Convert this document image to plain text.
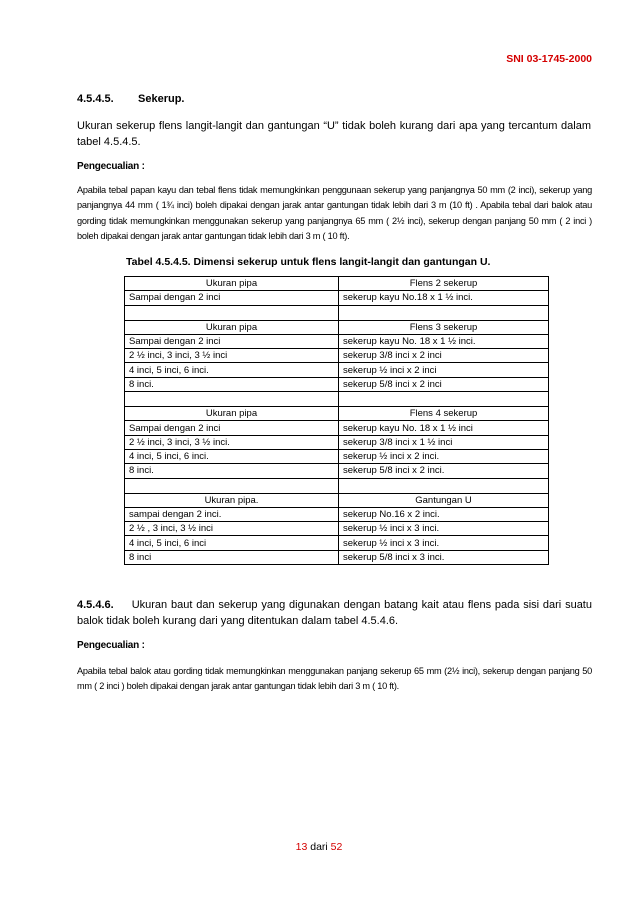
SNI 03-1745-2000
4.5.4.5. Sekerup.
Ukuran sekerup flens langit-langit dan gantungan “U” tidak boleh kurang dari apa yang tercantum dalam tabel 4.5.4.5.
Pengecualian :
Apabila tebal papan kayu dan tebal flens tidak memungkinkan penggunaan sekerup yang panjangnya 50 mm (2 inci), sekerup yang panjangnya 44 mm ( 1¾ inci) boleh dipakai dengan jarak antar gantungan tidak lebih dari 3 m (10 ft) . Apabila tebal dari balok atau gording tidak memungkinkan menggunakan sekerup yang panjangnya 65 mm ( 2½ inci), sekerup dengan panjang 50 mm ( 2 inci ) boleh dipakai dengan jarak antar gantungan tidak lebih dari 3 m ( 10 ft).
Tabel 4.5.4.5. Dimensi sekerup untuk flens langit-langit dan gantungan U.
Ukuran pipa	Flens 2 sekerup
Sampai dengan 2 inci	sekerup kayu No.18 x 1 ½ inci.

Ukuran pipa	Flens 3 sekerup
Sampai dengan 2 inci	sekerup kayu No. 18 x 1 ½ inci.
2 ½ inci, 3 inci, 3 ½ inci	sekerup 3/8 inci x 2 inci
4 inci, 5 inci, 6 inci.	sekerup ½ inci x 2 inci
8 inci.	sekerup 5/8 inci x 2 inci

Ukuran pipa	Flens 4 sekerup
Sampai dengan 2 inci	sekerup kayu No. 18 x 1 ½ inci
2 ½ inci, 3 inci, 3 ½ inci.	sekerup 3/8 inci x 1 ½ inci
4 inci, 5 inci, 6 inci.	sekerup ½ inci x 2 inci.
8 inci.	sekerup 5/8 inci x 2 inci.

Ukuran pipa.	Gantungan U
sampai dengan 2 inci.	sekerup No.16 x 2 inci.
2 ½ , 3 inci, 3 ½ inci	sekerup ½ inci x 3 inci.
4 inci, 5 inci, 6 inci	sekerup ½ inci x 3 inci.
8 inci	sekerup 5/8 inci x 3 inci.
4.5.4.6. Ukuran baut dan sekerup yang digunakan dengan batang kait atau flens pada sisi dari suatu balok tidak boleh kurang dari yang ditentukan dalam tabel 4.5.4.6.
Pengecualian :
Apabila tebal balok atau gording tidak memungkinkan menggunakan panjang sekerup 65 mm (2½ inci), sekerup dengan panjang 50 mm ( 2 inci ) boleh dipakai dengan jarak antar gantungan tidak lebih dari 3 m ( 10 ft).
13 dari 52
